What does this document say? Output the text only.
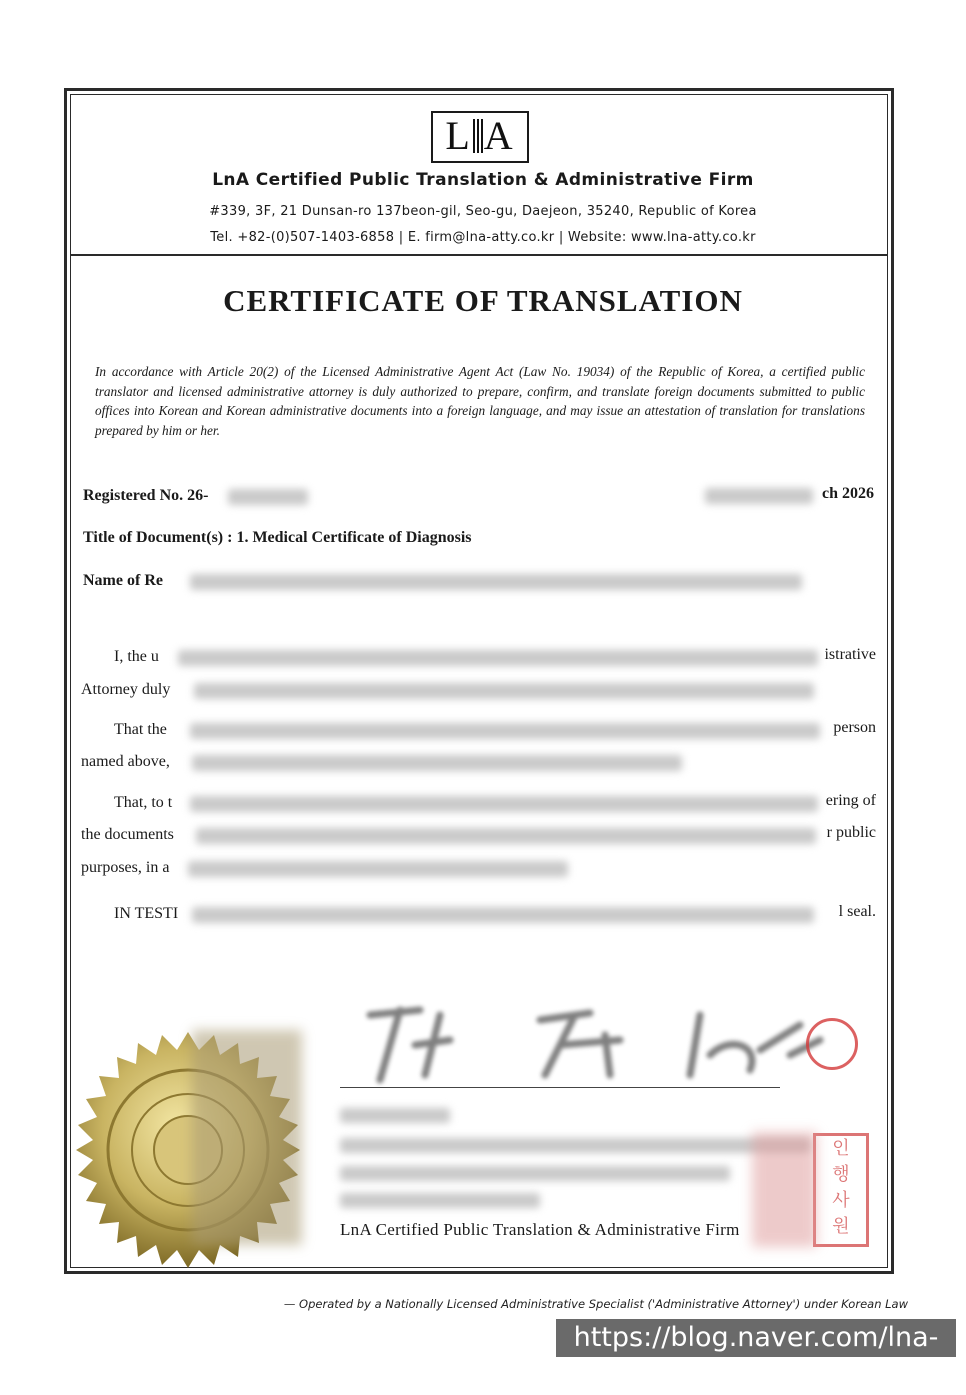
L A
LnA Certified Public Translation & Administrative Firm
#339, 3F, 21 Dunsan-ro 137beon-gil, Seo-gu, Daejeon, 35240, Republic of Korea
Tel. +82-(0)507-1403-6858 | E. firm@lna-atty.co.kr | Website: www.lna-atty.co.kr
CERTIFICATE OF TRANSLATION
In accordance with Article 20(2) of the Licensed Administrative Agent Act (Law No. 19034) of the Republic of Korea, a certified public translator and licensed administrative attorney is duly authorized to prepare, confirm, and translate foreign documents submitted to public offices into Korean and Korean administrative documents into a foreign language, and may issue an attestation of translation for translations prepared by him or her.
Registered No. 26-	ch 2026
Title of Document(s) : 1. Medical Certificate of Diagnosis
Name of Re
I, the u	istrative
Attorney duly
That the	person
named above,
That, to t	ering of
the documents	r public
purposes, in a
IN TESTI	l seal.
인
행
사
원
LnA Certified Public Translation & Administrative Firm
— Operated by a Nationally Licensed Administrative Specialist ('Administrative Attorney') under Korean Law
https://blog.naver.com/lna-atty
